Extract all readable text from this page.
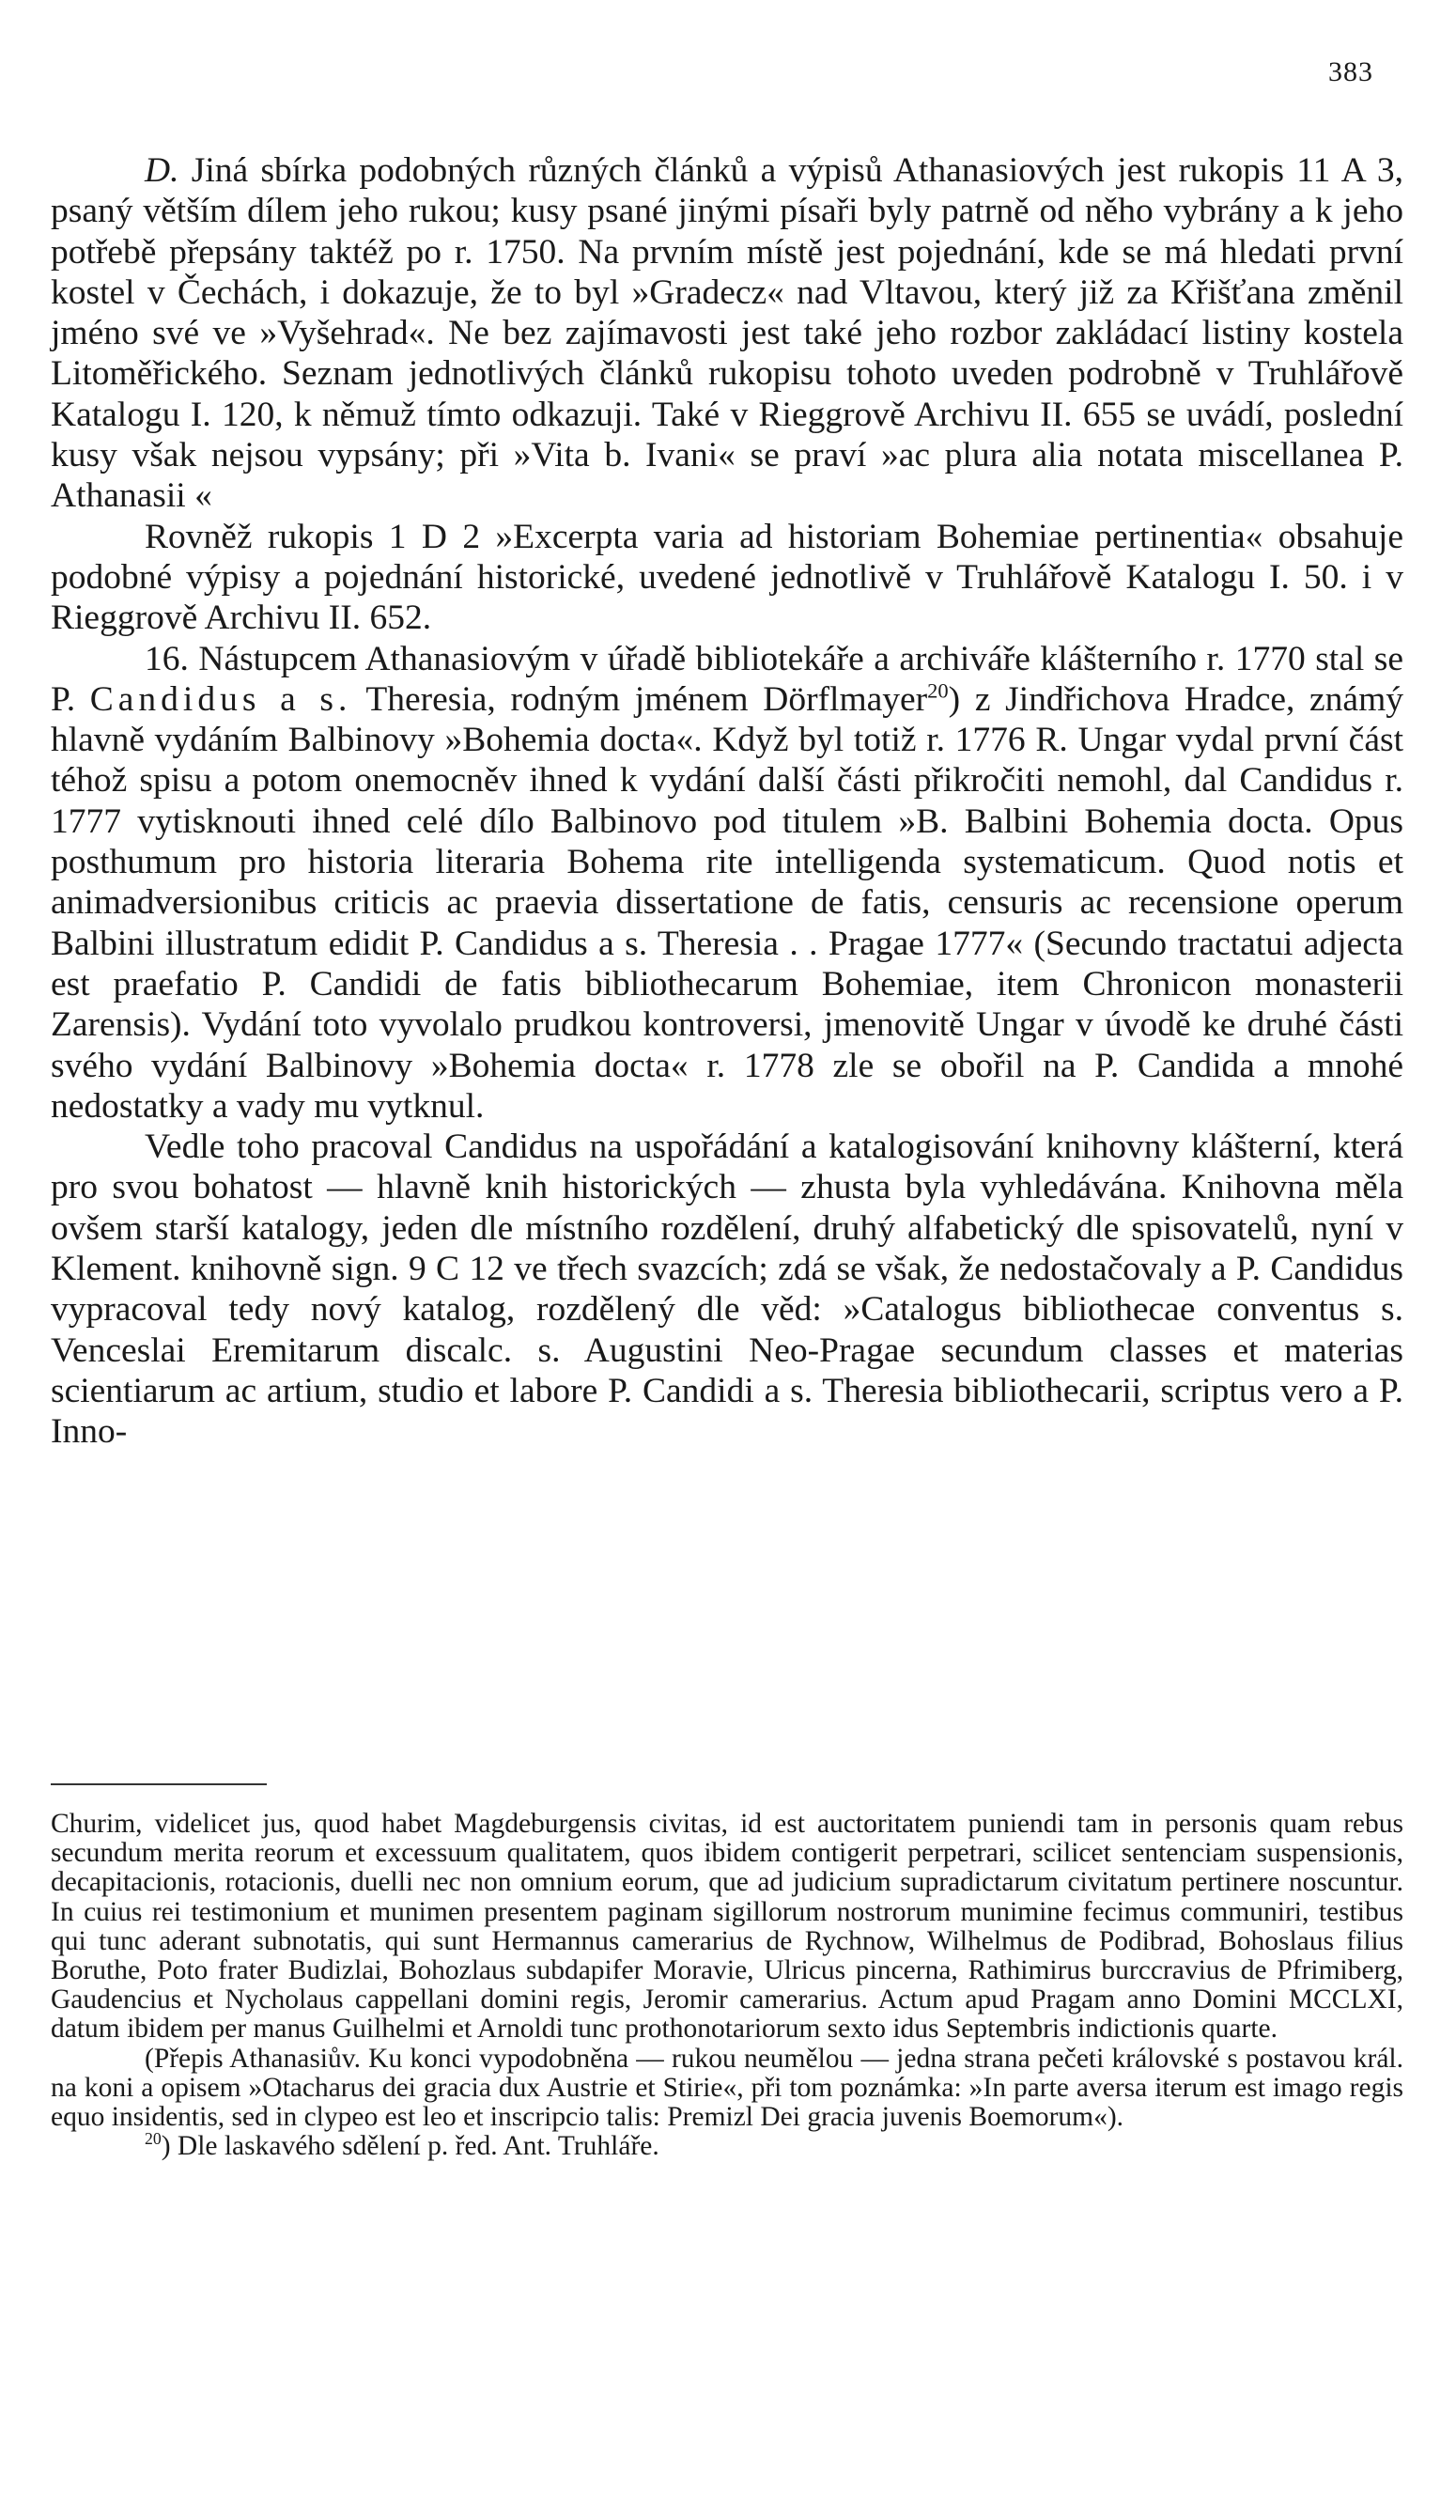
383

D. Jiná sbírka podobných různých článků a výpisů Athanasiových jest rukopis 11 A 3, psaný větším dílem jeho rukou; kusy psané jinými písaři byly patrně od něho vybrány a k jeho potřebě přepsány taktéž po r. 1750. Na prvním místě jest pojednání, kde se má hledati první kostel v Čechách, i dokazuje, že to byl »Gradecz« nad Vltavou, který již za Křišťana změnil jméno své ve »Vyšehrad«. Ne bez zajímavosti jest také jeho rozbor zakládací listiny kostela Litoměřického. Seznam jednotlivých článků rukopisu tohoto uveden podrobně v Truhlářově Katalogu I. 120, k němuž tímto odkazuji. Také v Rieggrově Archivu II. 655 se uvádí, poslední kusy však nejsou vypsány; při »Vita b. Ivani« se praví »ac plura alia notata miscellanea P. Athanasii «

Rovněž rukopis 1 D 2 »Excerpta varia ad historiam Bohemiae pertinentia« obsahuje podobné výpisy a pojednání historické, uvedené jednotlivě v Truhlářově Katalogu I. 50. i v Rieggrově Archivu II. 652.

16. Nástupcem Athanasiovým v úřadě bibliotekáře a archiváře klášterního r. 1770 stal se P. Candidus a s. Theresia, rodným jménem Dörflmayer$^{20}$) z Jindřichova Hradce, známý hlavně vydáním Balbinovy »Bohemia docta«. Když byl totiž r. 1776 R. Ungar vydal první část téhož spisu a potom onemocněv ihned k vydání další části přikročiti nemohl, dal Candidus r. 1777 vytisknouti ihned celé dílo Balbinovo pod titulem »B. Balbini Bohemia docta. Opus posthumum pro historia literaria Bohema rite intelligenda systematicum. Quod notis et animadversionibus criticis ac praevia dissertatione de fatis, censuris ac recensione operum Balbini illustratum edidit P. Candidus a s. Theresia . . Pragae 1777« (Secundo tractatui adjecta est praefatio P. Candidi de fatis bibliothecarum Bohemiae, item Chronicon monasterii Zarensis). Vydání toto vyvolalo prudkou kontroversi, jmenovitě Ungar v úvodě ke druhé části svého vydání Balbinovy »Bohemia docta« r. 1778 zle se obořil na P. Candida a mnohé nedostatky a vady mu vytknul.

Vedle toho pracoval Candidus na uspořádání a katalogisování knihovny klášterní, která pro svou bohatost — hlavně knih historických — zhusta byla vyhledávána. Knihovna měla ovšem starší katalogy, jeden dle místního rozdělení, druhý alfabetický dle spisovatelů, nyní v Klement. knihovně sign. 9 C 12 ve třech svazcích; zdá se však, že nedostačovaly a P. Candidus vypracoval tedy nový katalog, rozdělený dle věd: »Catalogus bibliothecae conventus s. Venceslai Eremitarum discalc. s. Augustini Neo-Pragae secundum classes et materias scientiarum ac artium, studio et labore P. Candidi a s. Theresia bibliothecarii, scriptus vero a P. Inno-

Churim, videlicet jus, quod habet Magdeburgensis civitas, id est auctoritatem puniendi tam in personis quam rebus secundum merita reorum et excessuum qualitatem, quos ibidem contigerit perpetrari, scilicet sentenciam suspensionis, decapitacionis, rotacionis, duelli nec non omnium eorum, que ad judicium supradictarum civitatum pertinere noscuntur. In cuius rei testimonium et munimen presentem paginam sigillorum nostrorum munimine fecimus communiri, testibus qui tunc aderant subnotatis, qui sunt Hermannus camerarius de Rychnow, Wilhelmus de Podibrad, Bohoslaus filius Boruthe, Poto frater Budizlai, Bohozlaus subdapifer Moravie, Ulricus pincerna, Rathimirus burccravius de Pfrimiberg, Gaudencius et Nycholaus cappellani domini regis, Jeromir camerarius. Actum apud Pragam anno Domini MCCLXI, datum ibidem per manus Guilhelmi et Arnoldi tunc prothonotariorum sexto idus Septembris indictionis quarte.

(Přepis Athanasiův. Ku konci vypodobněna — rukou neumělou — jedna strana pečeti královské s postavou král. na koni a opisem »Otacharus dei gracia dux Austrie et Stirie«, při tom poznámka: »In parte aversa iterum est imago regis equo insidentis, sed in clypeo est leo et inscripcio talis: Premizl Dei gracia juvenis Boemorum«).

$^{20}$) Dle laskavého sdělení p. řed. Ant. Truhláře.
